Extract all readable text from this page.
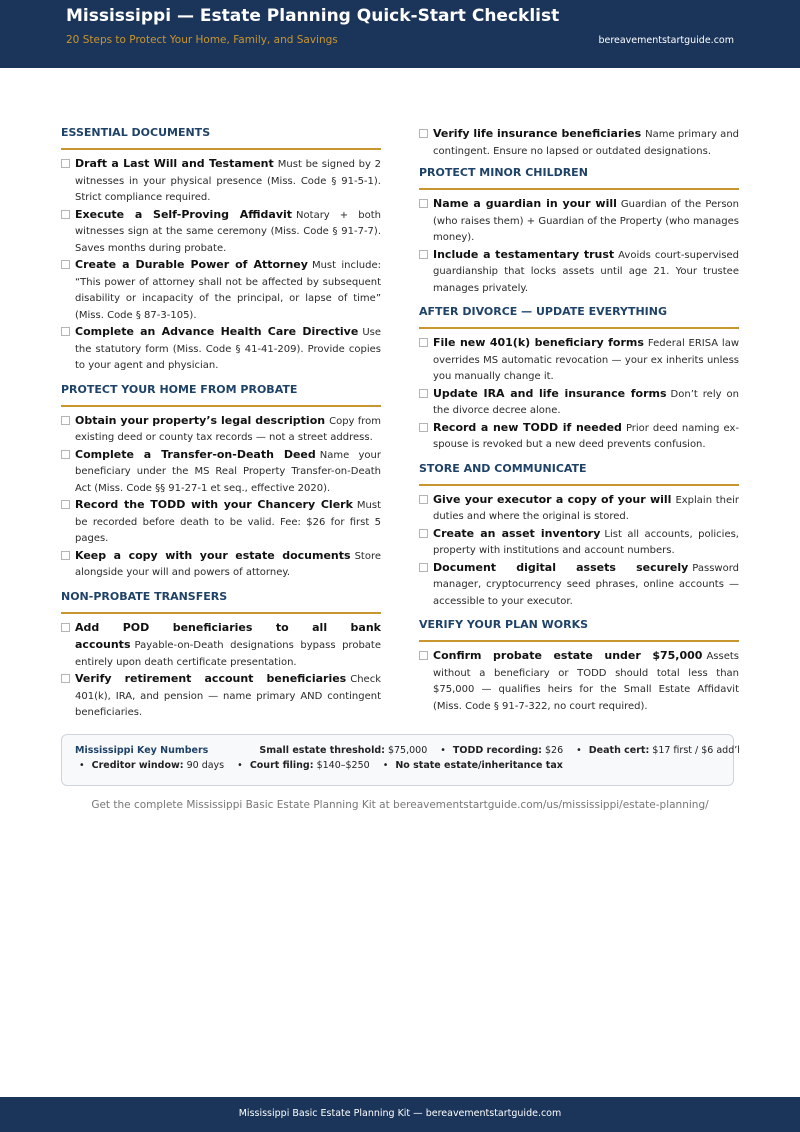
Mississippi — Estate Planning Quick-Start Checklist
20 Steps to Protect Your Home, Family, and Savings	bereavementstartguide.com
ESSENTIAL DOCUMENTS
Draft a Last Will and Testament Must be signed by 2 witnesses in your physical presence (Miss. Code § 91-5-1). Strict compliance required.
Execute a Self-Proving Affidavit Notary + both witnesses sign at the same ceremony (Miss. Code § 91-7-7). Saves months during probate.
Create a Durable Power of Attorney Must include: “This power of attorney shall not be affected by subsequent disability or incapacity of the principal, or lapse of time” (Miss. Code § 87-3-105).
Complete an Advance Health Care Directive Use the statutory form (Miss. Code § 41-41-209). Provide copies to your agent and physician.
PROTECT YOUR HOME FROM PROBATE
Obtain your property’s legal description Copy from existing deed or county tax records — not a street address.
Complete a Transfer-on-Death Deed Name your beneficiary under the MS Real Property Transfer-on-Death Act (Miss. Code §§ 91-27-1 et seq., effective 2020).
Record the TODD with your Chancery Clerk Must be recorded before death to be valid. Fee: $26 for first 5 pages.
Keep a copy with your estate documents Store alongside your will and powers of attorney.
NON-PROBATE TRANSFERS
Add POD beneficiaries to all bank accounts Payable-on-Death designations bypass probate entirely upon death certificate presentation.
Verify retirement account beneficiaries Check 401(k), IRA, and pension — name primary AND contingent beneficiaries.
Verify life insurance beneficiaries Name primary and contingent. Ensure no lapsed or outdated designations.
PROTECT MINOR CHILDREN
Name a guardian in your will Guardian of the Person (who raises them) + Guardian of the Property (who manages money).
Include a testamentary trust Avoids court-supervised guardianship that locks assets until age 21. Your trustee manages privately.
AFTER DIVORCE — UPDATE EVERYTHING
File new 401(k) beneficiary forms Federal ERISA law overrides MS automatic revocation — your ex inherits unless you manually change it.
Update IRA and life insurance forms Don’t rely on the divorce decree alone.
Record a new TODD if needed Prior deed naming ex-spouse is revoked but a new deed prevents confusion.
STORE AND COMMUNICATE
Give your executor a copy of your will Explain their duties and where the original is stored.
Create an asset inventory List all accounts, policies, property with institutions and account numbers.
Document digital assets securely Password manager, cryptocurrency seed phrases, online accounts — accessible to your executor.
VERIFY YOUR PLAN WORKS
Confirm probate estate under $75,000 Assets without a beneficiary or TODD should total less than $75,000 — qualifies heirs for the Small Estate Affidavit (Miss. Code § 91-7-322, no court required).
Mississippi Key Numbers	Small estate threshold: $75,000 • TODD recording: $26 • Death cert: $17 first / $6 add’l
• Creditor window: 90 days • Court filing: $140–$250 • No state estate/inheritance tax
Get the complete Mississippi Basic Estate Planning Kit at bereavementstartguide.com/us/mississippi/estate-planning/
Mississippi Basic Estate Planning Kit — bereavementstartguide.com
